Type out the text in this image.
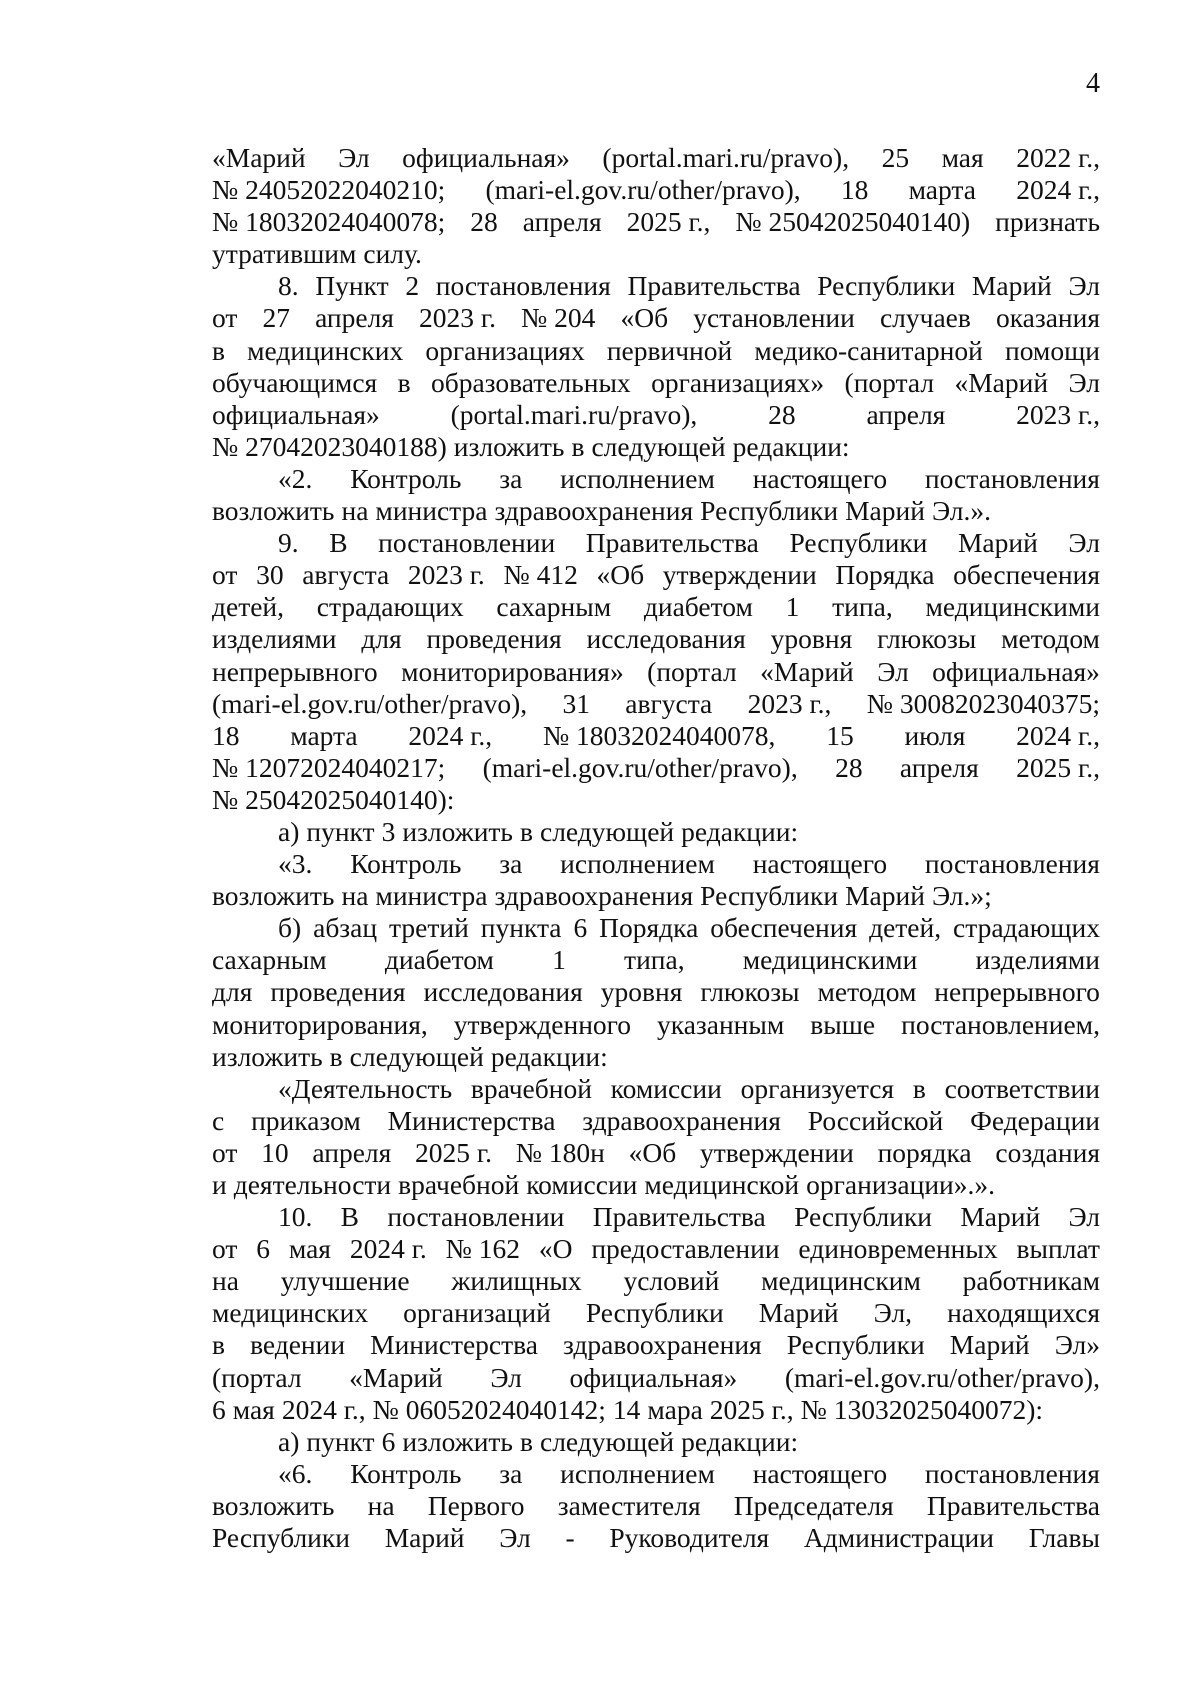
4
«Марий Эл официальная» (portal.mari.ru/pravo), 25 мая 2022 г.,
№ 24052022040210; (mari-el.gov.ru/other/pravo), 18 марта 2024 г.,
№ 18032024040078; 28 апреля 2025 г., № 25042025040140) признать
утратившим силу.
8. Пункт 2 постановления Правительства Республики Марий Эл
от 27 апреля 2023 г. № 204 «Об установлении случаев оказания
в медицинских организациях первичной медико-санитарной помощи
обучающимся в образовательных организациях» (портал «Марий Эл
официальная»	(portal.mari.ru/pravo),	28	апреля	2023 г.,
№ 27042023040188) изложить в следующей редакции:
«2. Контроль за исполнением настоящего постановления
возложить на министра здравоохранения Республики Марий Эл.».
9. В постановлении Правительства Республики Марий Эл
от 30 августа 2023 г. № 412 «Об утверждении Порядка обеспечения
детей, страдающих сахарным диабетом 1 типа, медицинскими
изделиями для проведения исследования уровня глюкозы методом
непрерывного мониторирования» (портал «Марий Эл официальная»
(mari-el.gov.ru/other/pravo), 31 августа 2023 г., № 30082023040375;
18 марта 2024 г., № 18032024040078, 15 июля 2024 г.,
№ 12072024040217; (mari-el.gov.ru/other/pravo), 28 апреля 2025 г.,
№ 25042025040140):
а) пункт 3 изложить в следующей редакции:
«3. Контроль за исполнением настоящего постановления
возложить на министра здравоохранения Республики Марий Эл.»;
б) абзац третий пункта 6 Порядка обеспечения детей, страдающих
сахарным диабетом 1 типа, медицинскими изделиями
для проведения исследования уровня глюкозы методом непрерывного
мониторирования, утвержденного указанным выше постановлением,
изложить в следующей редакции:
«Деятельность врачебной комиссии организуется в соответствии
с приказом Министерства здравоохранения Российской Федерации
от 10 апреля 2025 г. № 180н «Об утверждении порядка создания
и деятельности врачебной комиссии медицинской организации».».
10. В постановлении Правительства Республики Марий Эл
от 6 мая 2024 г. № 162 «О предоставлении единовременных выплат
на улучшение жилищных условий медицинским работникам
медицинских организаций Республики Марий Эл, находящихся
в ведении Министерства здравоохранения Республики Марий Эл»
(портал «Марий Эл официальная» (mari-el.gov.ru/other/pravo),
6 мая 2024 г., № 06052024040142; 14 мара 2025 г., № 13032025040072):
а) пункт 6 изложить в следующей редакции:
«6. Контроль за исполнением настоящего постановления
возложить на Первого заместителя Председателя Правительства
Республики Марий Эл - Руководителя Администрации Главы
